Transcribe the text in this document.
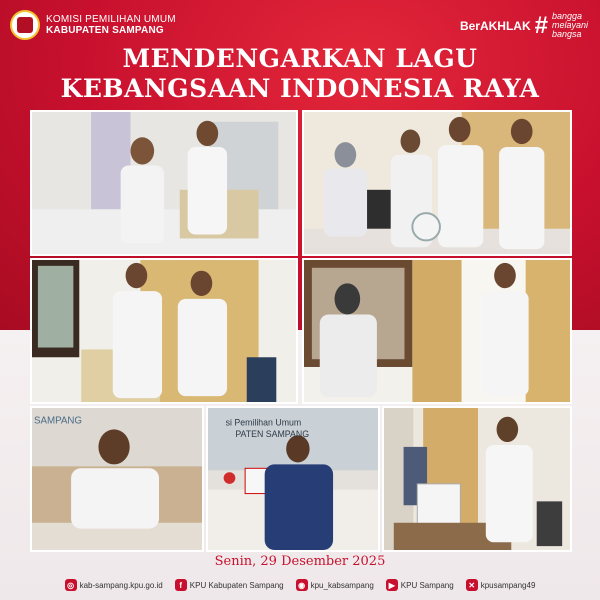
KOMISI PEMILIHAN UMUM
KABUPATEN SAMPANG	BerAKHLAK # bangga
melayani
bangsa
MENDENGARKAN LAGU
KEBANGSAAN INDONESIA RAYA
SAMPANG	si Pemilihan Umum
PATEN SAMPANG
Senin, 29 Desember 2025
◎ kab-sampang.kpu.go.id	f KPU Kabupaten Sampang	◉ kpu_kabsampang	▶ KPU Sampang	✕ kpusampang49
